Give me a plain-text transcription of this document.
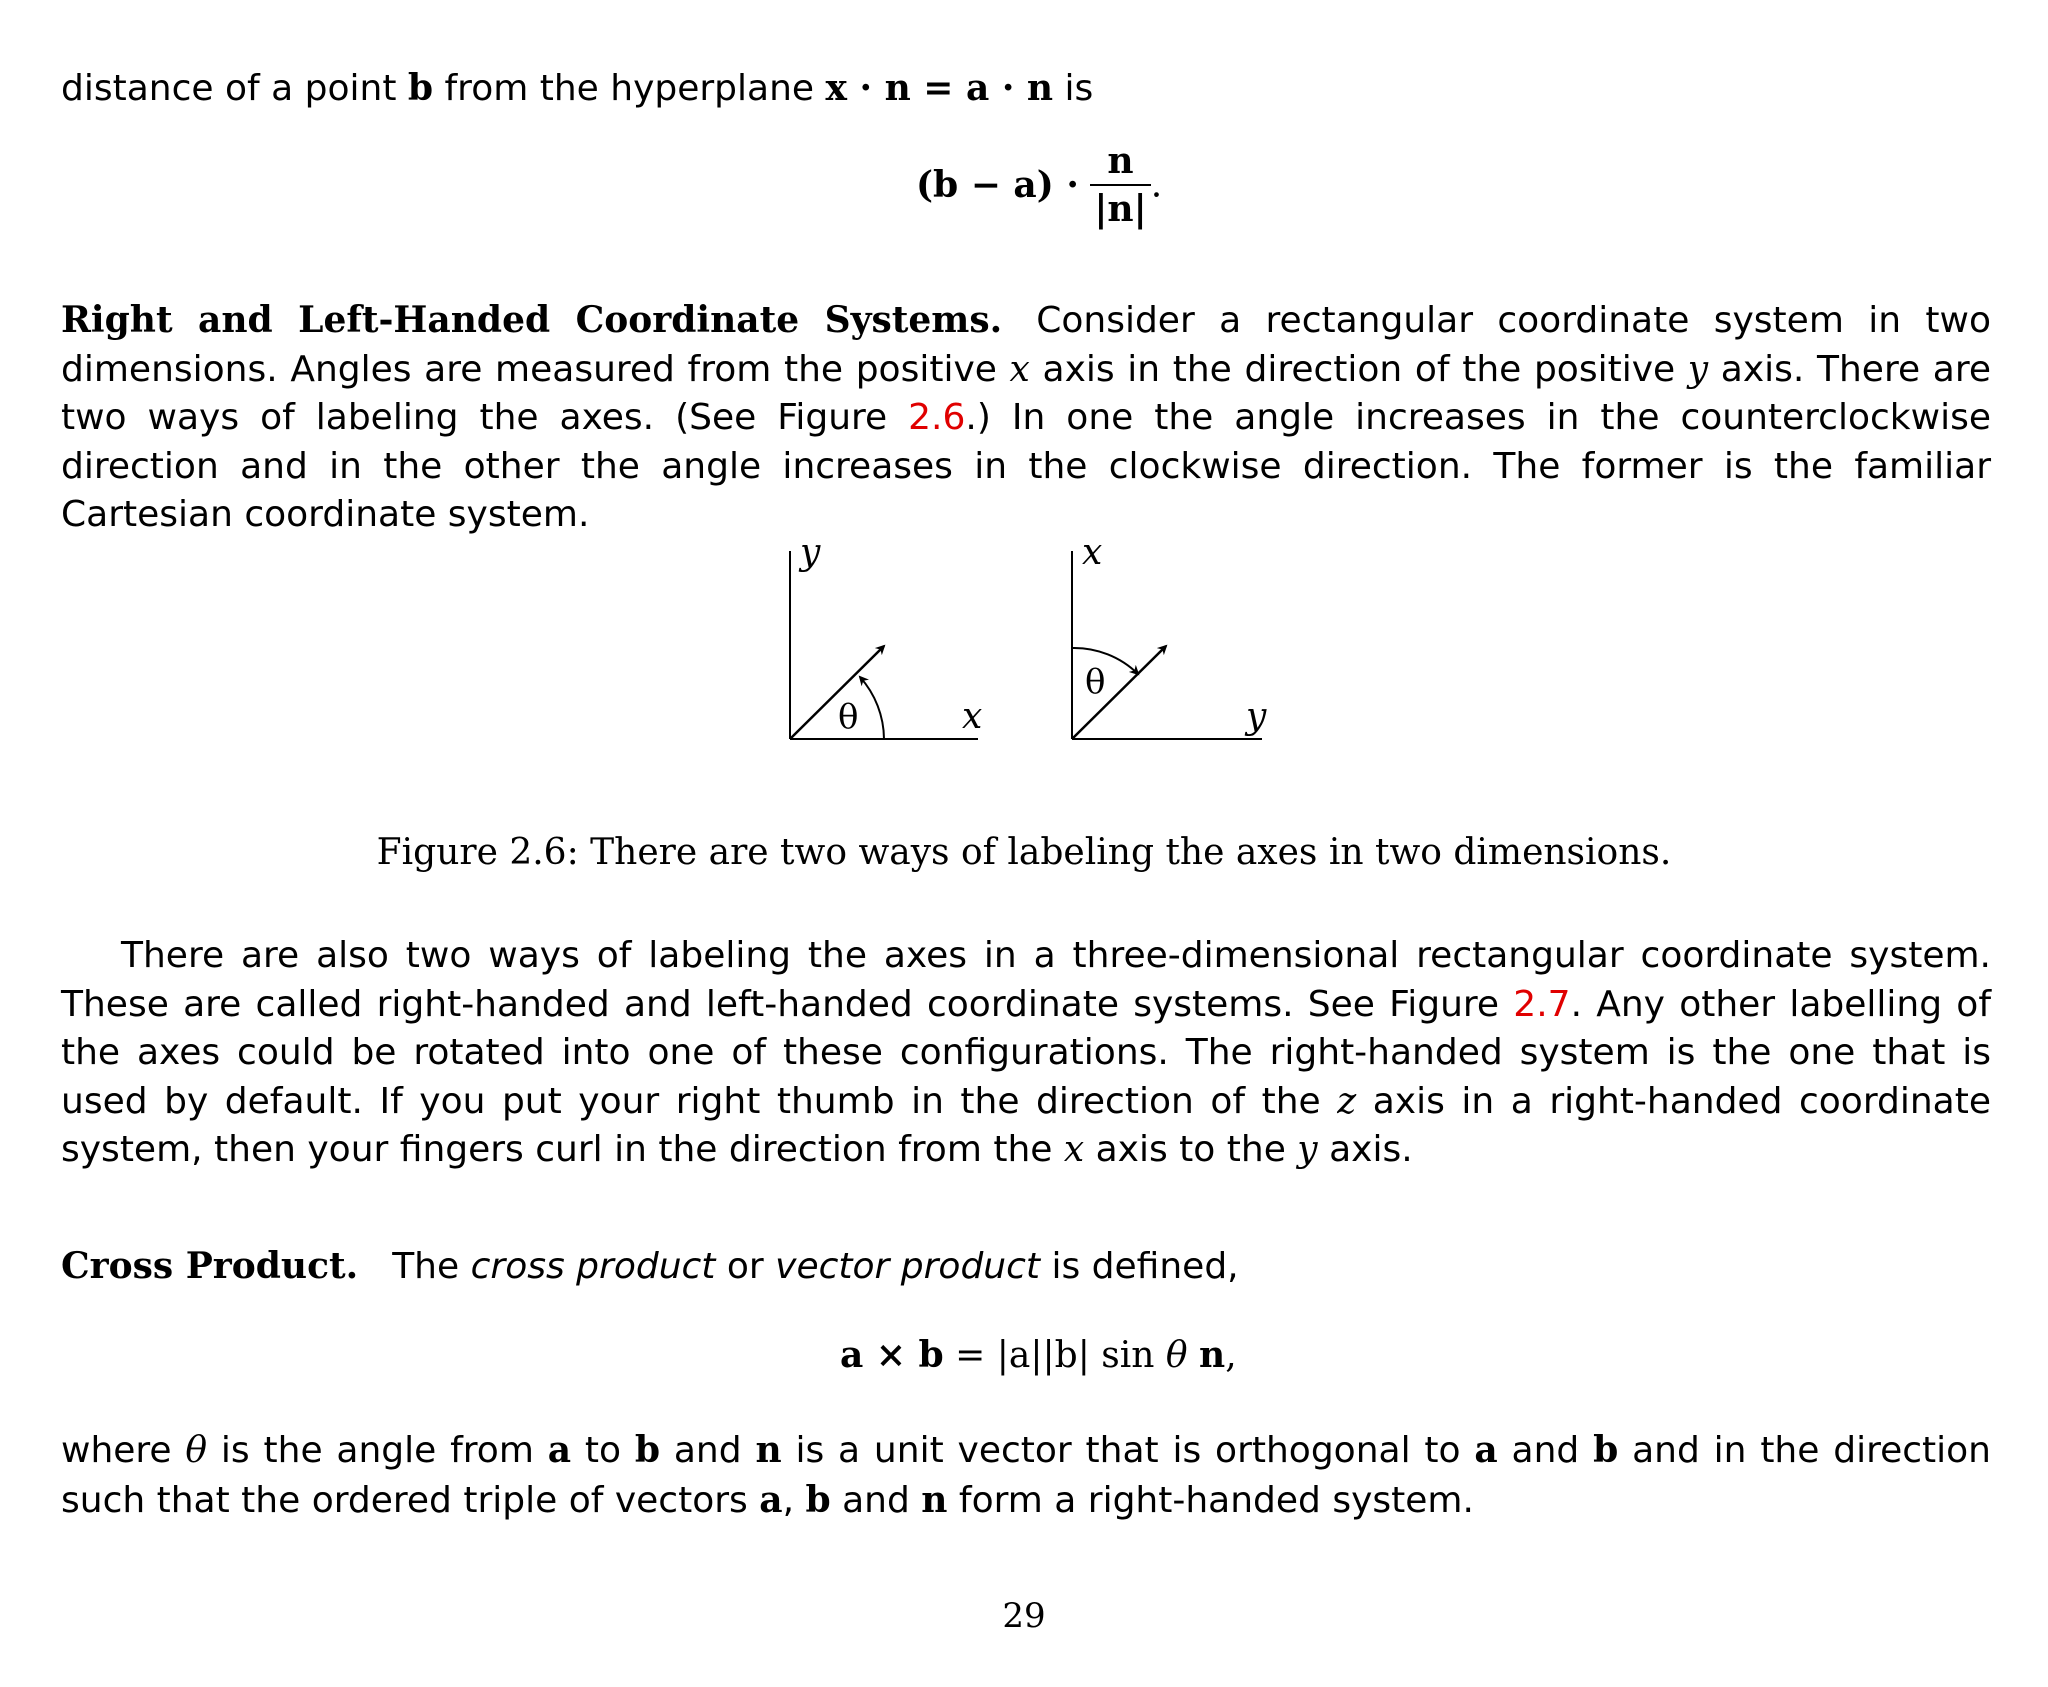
distance of a point b from the hyperplane x · n = a · n is
$(b - a) \cdot \frac{n}{|n|}$ .
Right and Left-Handed Coordinate Systems. Consider a rectangular coordinate system in two dimensions. Angles are measured from the positive x axis in the direction of the positive y axis. There are two ways of labeling the axes. (See Figure 2.6.) In one the angle increases in the counterclockwise direction and in the other the angle increases in the clockwise direction. The former is the familiar Cartesian coordinate system.
y
x
θ
x
y
θ
Figure 2.6: There are two ways of labeling the axes in two dimensions.
There are also two ways of labeling the axes in a three-dimensional rectangular coordinate system. These are called right-handed and left-handed coordinate systems. See Figure 2.7. Any other labelling of the axes could be rotated into one of these configurations. The right-handed system is the one that is used by default. If you put your right thumb in the direction of the z axis in a right-handed coordinate system, then your fingers curl in the direction from the x axis to the y axis.
Cross Product. The cross product or vector product is defined,
a × b = |a||b| sin θ n,
where θ is the angle from a to b and n is a unit vector that is orthogonal to a and b and in the direction such that the ordered triple of vectors a, b and n form a right-handed system.
29
